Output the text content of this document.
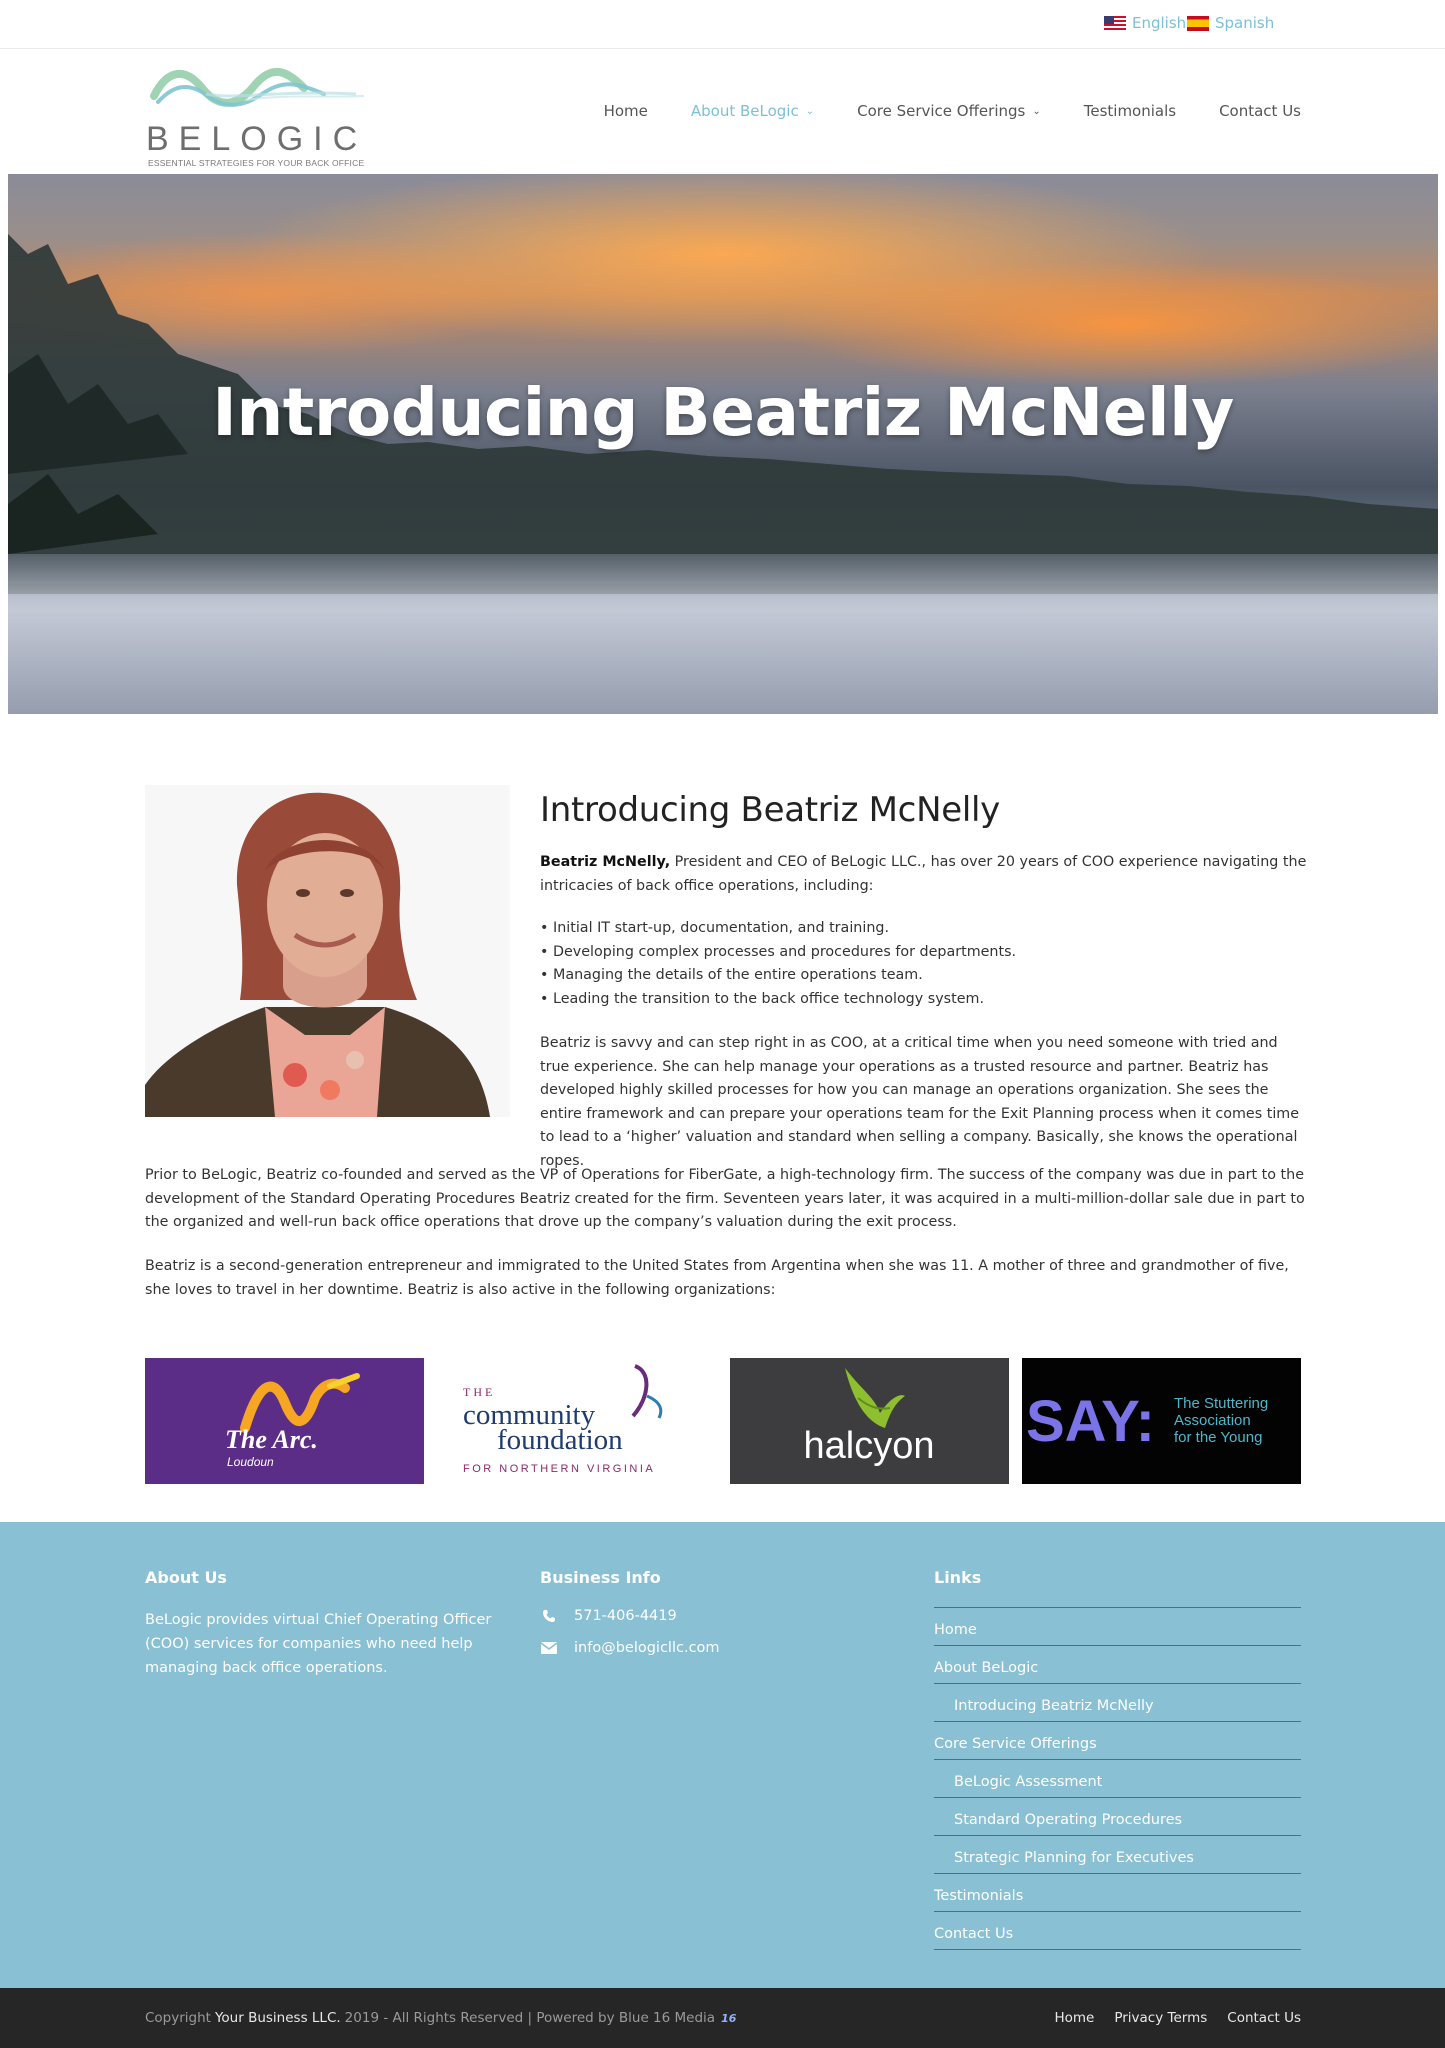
English Spanish
BELOGIC
ESSENTIAL STRATEGIES FOR YOUR BACK OFFICE
Home	About BeLogic ⌄	Core Service Offerings ⌄	Testimonials	Contact Us
Introducing Beatriz McNelly
Introducing Beatriz McNelly

Beatriz McNelly, President and CEO of BeLogic LLC., has over 20 years of COO experience navigating the intricacies of back office operations, including:

• Initial IT start-up, documentation, and training.
• Developing complex processes and procedures for departments.
• Managing the details of the entire operations team.
• Leading the transition to the back office technology system.

Beatriz is savvy and can step right in as COO, at a critical time when you need someone with tried and true experience. She can help manage your operations as a trusted resource and partner. Beatriz has developed highly skilled processes for how you can manage an operations organization. She sees the entire framework and can prepare your operations team for the Exit Planning process when it comes time to lead to a ‘higher’ valuation and standard when selling a company. Basically, she knows the operational ropes.

Prior to BeLogic, Beatriz co-founded and served as the VP of Operations for FiberGate, a high-technology firm. The success of the company was due in part to the development of the Standard Operating Procedures Beatriz created for the firm. Seventeen years later, it was acquired in a multi-million-dollar sale due in part to the organized and well-run back office operations that drove up the company’s valuation during the exit process.

Beatriz is a second-generation entrepreneur and immigrated to the United States from Argentina when she was 11. A mother of three and grandmother of five, she loves to travel in her downtime. Beatriz is also active in the following organizations:

The Arc.
Loudoun
THE
community
foundation
FOR NORTHERN VIRGINIA
halcyon SAY: The Stuttering
Association
for the Young
About Us

BeLogic provides virtual Chief Operating Officer (COO) services for companies who need help managing back office operations.

Business Info
571-406-4419
info@belogicllc.com
Links
Home
About BeLogic
Introducing Beatriz McNelly
Core Service Offerings
BeLogic Assessment
Standard Operating Procedures
Strategic Planning for Executives
Testimonials
Contact Us
Copyright Your Business LLC. 2019 - All Rights Reserved | Powered by Blue 16 Media 16	Home Privacy Terms Contact Us
